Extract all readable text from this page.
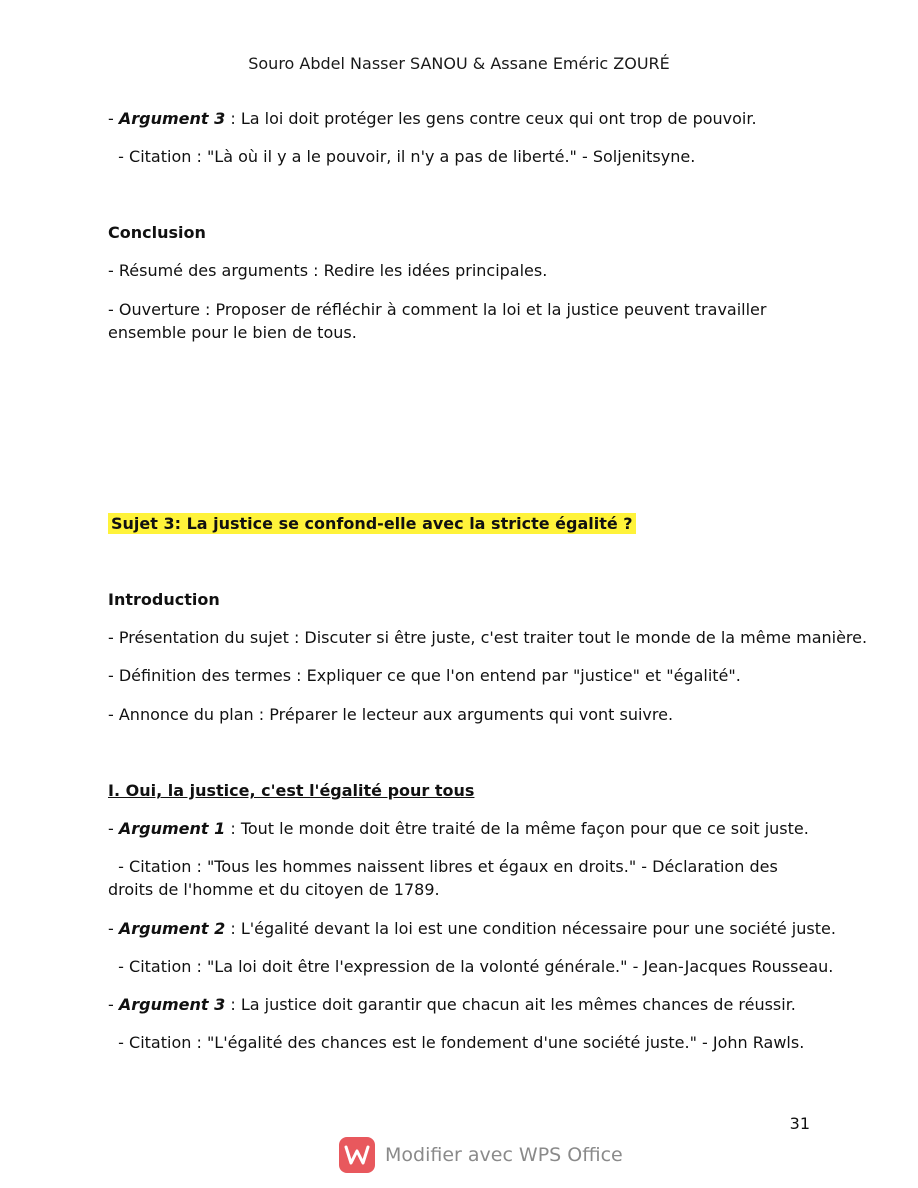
Souro Abdel Nasser SANOU & Assane Eméric ZOURÉ
- Argument 3 : La loi doit protéger les gens contre ceux qui ont trop de pouvoir.
- Citation : "Là où il y a le pouvoir, il n'y a pas de liberté." - Soljenitsyne.
Conclusion
- Résumé des arguments : Redire les idées principales.
- Ouverture : Proposer de réfléchir à comment la loi et la justice peuvent travailler ensemble pour le bien de tous.
Sujet 3: La justice se confond-elle avec la stricte égalité ?
Introduction
- Présentation du sujet : Discuter si être juste, c'est traiter tout le monde de la même manière.
- Définition des termes : Expliquer ce que l'on entend par "justice" et "égalité".
- Annonce du plan : Préparer le lecteur aux arguments qui vont suivre.
I. Oui, la justice, c'est l'égalité pour tous
- Argument 1 : Tout le monde doit être traité de la même façon pour que ce soit juste.
- Citation : "Tous les hommes naissent libres et égaux en droits." - Déclaration des droits de l'homme et du citoyen de 1789.
- Argument 2 : L'égalité devant la loi est une condition nécessaire pour une société juste.
- Citation : "La loi doit être l'expression de la volonté générale." - Jean-Jacques Rousseau.
- Argument 3 : La justice doit garantir que chacun ait les mêmes chances de réussir.
- Citation : "L'égalité des chances est le fondement d'une société juste." - John Rawls.
31
Modifier avec WPS Office
